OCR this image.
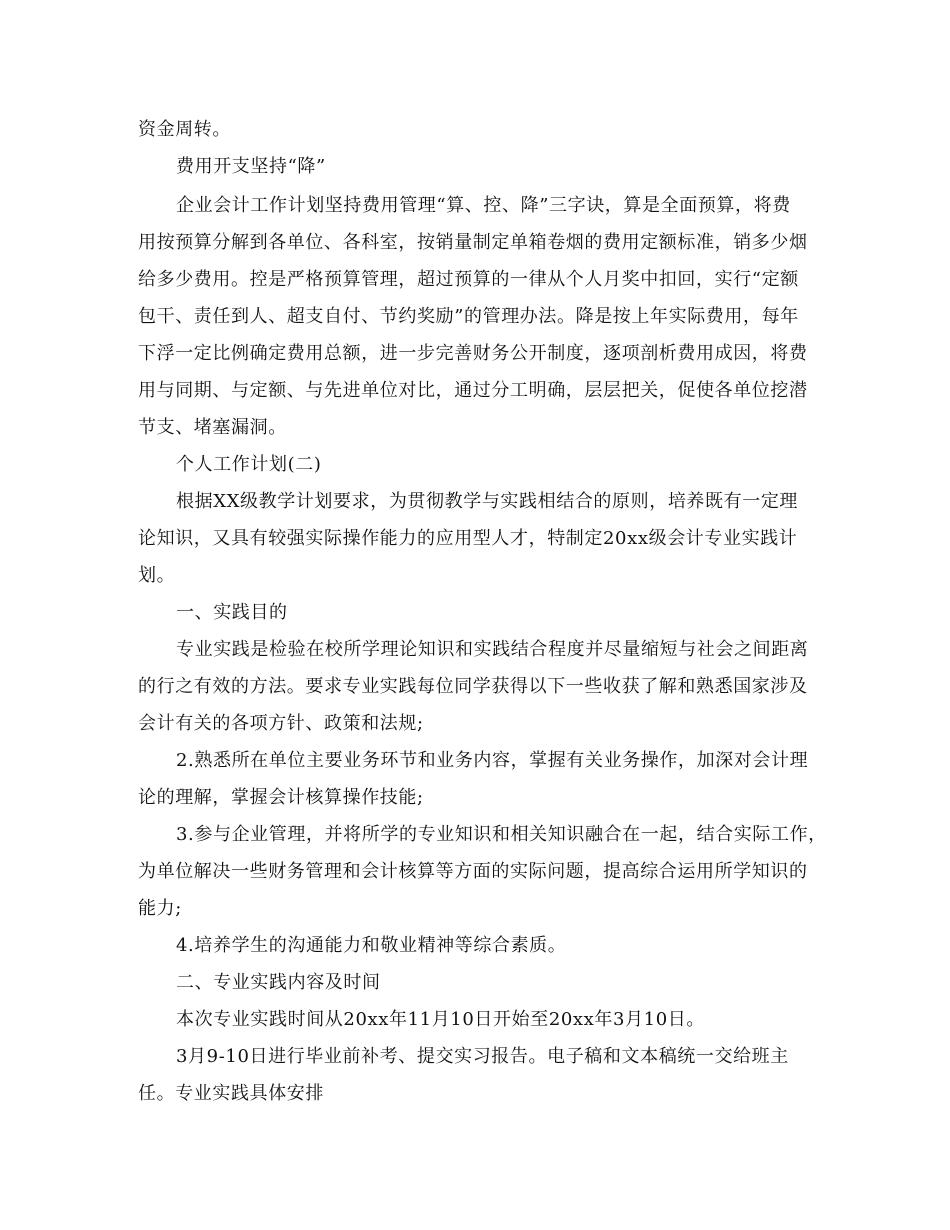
资金周转。
费用开支坚持“降”
企业会计工作计划坚持费用管理“算、控、降”三字诀，算是全面预算，将费
用按预算分解到各单位、各科室，按销量制定单箱卷烟的费用定额标准，销多少烟
给多少费用。控是严格预算管理，超过预算的一律从个人月奖中扣回，实行“定额
包干、责任到人、超支自付、节约奖励”的管理办法。降是按上年实际费用，每年
下浮一定比例确定费用总额，进一步完善财务公开制度，逐项剖析费用成因，将费
用与同期、与定额、与先进单位对比，通过分工明确，层层把关，促使各单位挖潜
节支、堵塞漏洞。
个人工作计划(二)
根据XX级教学计划要求，为贯彻教学与实践相结合的原则，培养既有一定理
论知识，又具有较强实际操作能力的应用型人才，特制定20xx级会计专业实践计
划。
一、实践目的
专业实践是检验在校所学理论知识和实践结合程度并尽量缩短与社会之间距离
的行之有效的方法。要求专业实践每位同学获得以下一些收获了解和熟悉国家涉及
会计有关的各项方针、政策和法规;
2.熟悉所在单位主要业务环节和业务内容，掌握有关业务操作，加深对会计理
论的理解，掌握会计核算操作技能;
3.参与企业管理，并将所学的专业知识和相关知识融合在一起，结合实际工作，
为单位解决一些财务管理和会计核算等方面的实际问题，提高综合运用所学知识的
能力;
4.培养学生的沟通能力和敬业精神等综合素质。
二、专业实践内容及时间
本次专业实践时间从20xx年11月10日开始至20xx年3月10日。
3月9-10日进行毕业前补考、提交实习报告。电子稿和文本稿统一交给班主
任。专业实践具体安排
